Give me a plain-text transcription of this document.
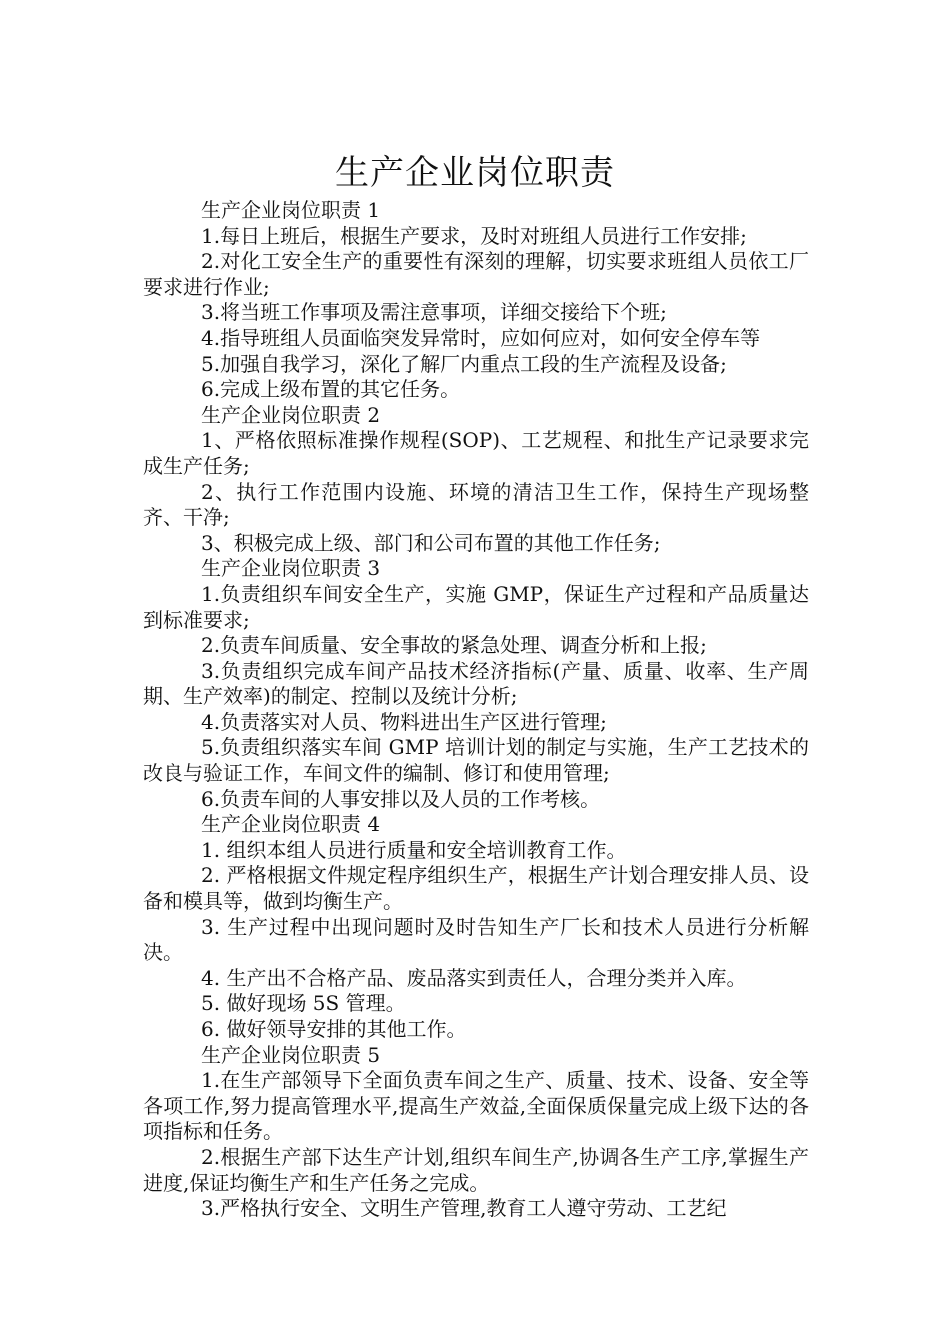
生产企业岗位职责

生产企业岗位职责 1

1.每日上班后，根据生产要求，及时对班组人员进行工作安排;

2.对化工安全生产的重要性有深刻的理解，切实要求班组人员依工厂要求进行作业;

3.将当班工作事项及需注意事项，详细交接给下个班;

4.指导班组人员面临突发异常时，应如何应对，如何安全停车等

5.加强自我学习，深化了解厂内重点工段的生产流程及设备;

6.完成上级布置的其它任务。

生产企业岗位职责 2

1、严格依照标准操作规程(SOP)、工艺规程、和批生产记录要求完成生产任务;

2、执行工作范围内设施、环境的清洁卫生工作，保持生产现场整齐、干净;

3、积极完成上级、部门和公司布置的其他工作任务;

生产企业岗位职责 3

1.负责组织车间安全生产，实施 GMP，保证生产过程和产品质量达到标准要求;

2.负责车间质量、安全事故的紧急处理、调查分析和上报;

3.负责组织完成车间产品技术经济指标(产量、质量、收率、生产周期、生产效率)的制定、控制以及统计分析;

4.负责落实对人员、物料进出生产区进行管理;

5.负责组织落实车间 GMP 培训计划的制定与实施，生产工艺技术的改良与验证工作，车间文件的编制、修订和使用管理;

6.负责车间的人事安排以及人员的工作考核。

生产企业岗位职责 4

1. 组织本组人员进行质量和安全培训教育工作。

2. 严格根据文件规定程序组织生产，根据生产计划合理安排人员、设备和模具等，做到均衡生产。

3. 生产过程中出现问题时及时告知生产厂长和技术人员进行分析解决。

4. 生产出不合格产品、废品落实到责任人，合理分类并入库。

5. 做好现场 5S 管理。

6. 做好领导安排的其他工作。

生产企业岗位职责 5

1.在生产部领导下全面负责车间之生产、质量、技术、设备、安全等各项工作,努力提高管理水平,提高生产效益,全面保质保量完成上级下达的各项指标和任务。

2.根据生产部下达生产计划,组织车间生产,协调各生产工序,掌握生产进度,保证均衡生产和生产任务之完成。

3.严格执行安全、文明生产管理,教育工人遵守劳动、工艺纪
